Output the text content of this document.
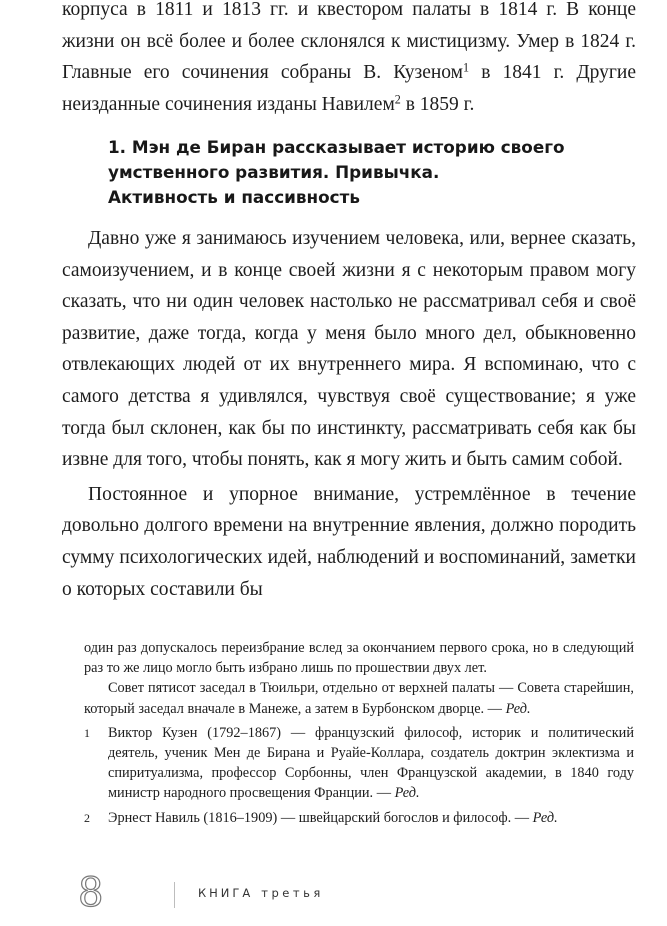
корпуса в 1811 и 1813 гг. и квестором палаты в 1814 г. В конце жизни он всё более и более склонялся к мистицизму. Умер в 1824 г. Главные его сочинения собраны В. Кузеном$^1$ в 1841 г. Другие неизданные сочинения изданы Навилем$^2$ в 1859 г.

1. Мэн де Биран рассказывает историю своего
умственного развития. Привычка.
Активность и пассивность

Давно уже я занимаюсь изучением человека, или, вернее сказать, самоизучением, и в конце своей жизни я с некоторым правом могу сказать, что ни один человек настолько не рассматривал себя и своё развитие, даже тогда, когда у меня было много дел, обыкновенно отвлекающих людей от их внутреннего мира. Я вспоминаю, что с самого детства я удивлялся, чувствуя своё существование; я уже тогда был склонен, как бы по инстинкту, рассматривать себя как бы извне для того, чтобы понять, как я могу жить и быть самим собой.

Постоянное и упорное внимание, устремлённое в течение довольно долгого времени на внутренние явления, должно породить сумму психологических идей, наблюдений и воспоминаний, заметки о которых составили бы

один раз допускалось переизбрание вслед за окончанием первого срока, но в следующий раз то же лицо могло быть избрано лишь по прошествии двух лет.

Совет пятисот заседал в Тюильри, отдельно от верхней палаты — Совета старейшин, который заседал вначале в Манеже, а затем в Бурбонском дворце. — Ред.

1 Виктор Кузен (1792–1867) — французский философ, историк и политический деятель, ученик Мен де Бирана и Руайе-Коллара, создатель доктрин эклектизма и спиритуализма, профессор Сорбонны, член Французской академии, в 1840 году министр народного просвещения Франции. — Ред.

2 Эрнест Навиль (1816–1909) — швейцарский богослов и философ. — Ред.

8	КНИГА третья
